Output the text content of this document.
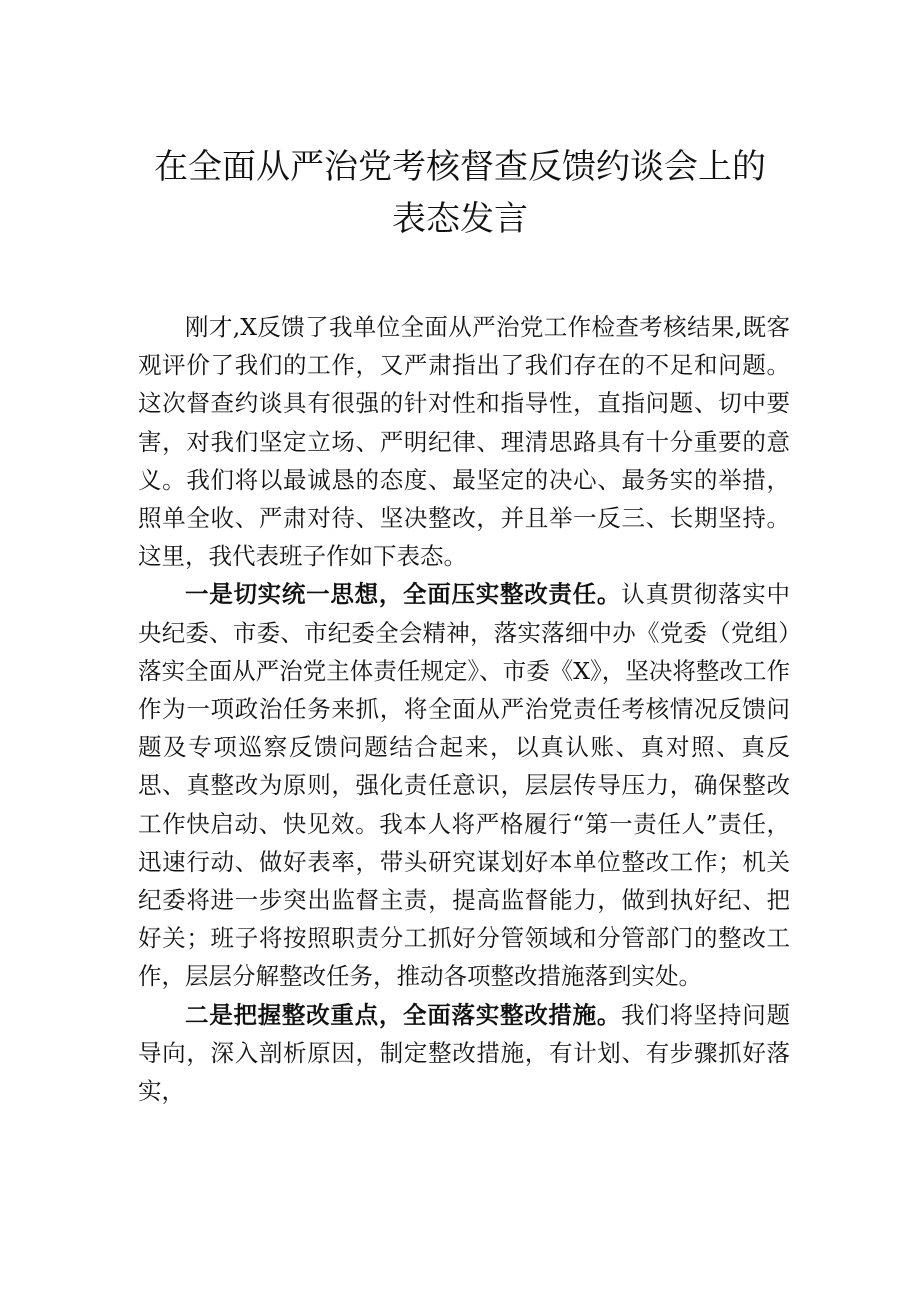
在全面从严治党考核督查反馈约谈会上的
表态发言

刚才,X反馈了我单位全面从严治党工作检查考核结果,既客观评价了我们的工作，又严肃指出了我们存在的不足和问题。这次督查约谈具有很强的针对性和指导性，直指问题、切中要害，对我们坚定立场、严明纪律、理清思路具有十分重要的意义。我们将以最诚恳的态度、最坚定的决心、最务实的举措，照单全收、严肃对待、坚决整改，并且举一反三、长期坚持。这里，我代表班子作如下表态。

一是切实统一思想，全面压实整改责任。认真贯彻落实中央纪委、市委、市纪委全会精神，落实落细中办《党委（党组）落实全面从严治党主体责任规定》、市委《X》，坚决将整改工作作为一项政治任务来抓，将全面从严治党责任考核情况反馈问题及专项巡察反馈问题结合起来，以真认账、真对照、真反思、真整改为原则，强化责任意识，层层传导压力，确保整改工作快启动、快见效。我本人将严格履行“第一责任人”责任，迅速行动、做好表率，带头研究谋划好本单位整改工作；机关纪委将进一步突出监督主责，提高监督能力，做到执好纪、把好关；班子将按照职责分工抓好分管领域和分管部门的整改工作，层层分解整改任务，推动各项整改措施落到实处。

二是把握整改重点，全面落实整改措施。我们将坚持问题导向，深入剖析原因，制定整改措施，有计划、有步骤抓好落实，
